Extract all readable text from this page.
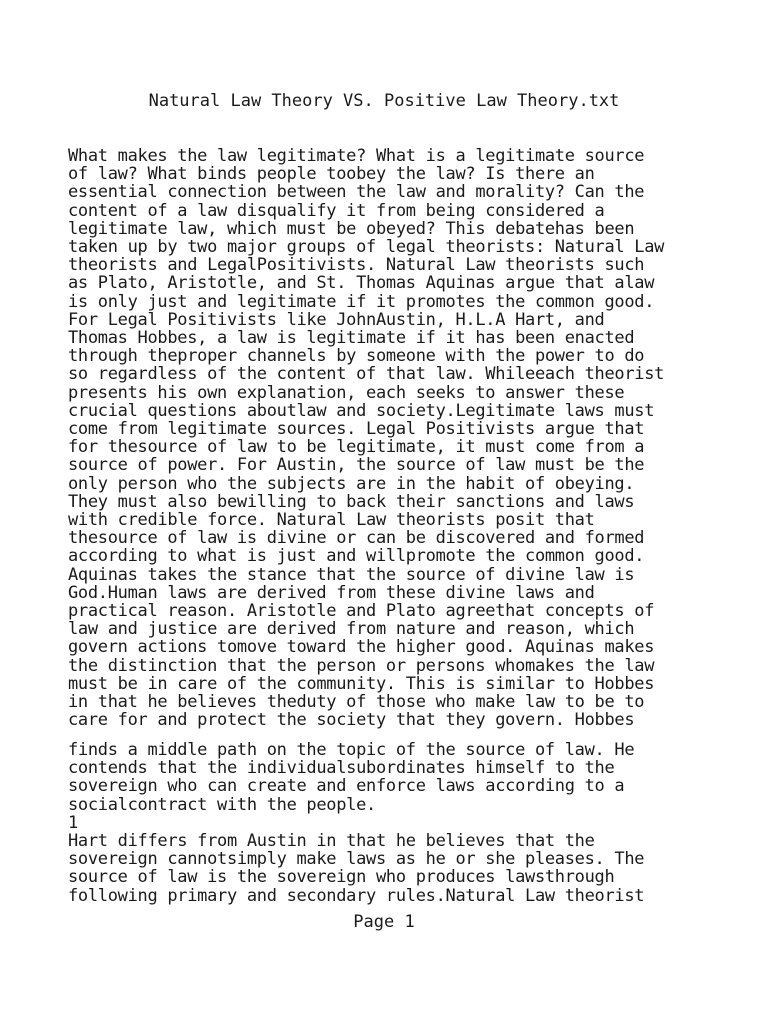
Natural Law Theory VS. Positive Law Theory.txt
What makes the law legitimate? What is a legitimate source
of law? What binds people toobey the law? Is there an
essential connection between the law and morality? Can the
content of a law disqualify it from being considered a
legitimate law, which must be obeyed? This debatehas been
taken up by two major groups of legal theorists: Natural Law
theorists and LegalPositivists. Natural Law theorists such
as Plato, Aristotle, and St. Thomas Aquinas argue that alaw
is only just and legitimate if it promotes the common good.
For Legal Positivists like JohnAustin, H.L.A Hart, and
Thomas Hobbes, a law is legitimate if it has been enacted
through theproper channels by someone with the power to do
so regardless of the content of that law. Whileeach theorist
presents his own explanation, each seeks to answer these
crucial questions aboutlaw and society.Legitimate laws must
come from legitimate sources. Legal Positivists argue that
for thesource of law to be legitimate, it must come from a
source of power. For Austin, the source of law must be the
only person who the subjects are in the habit of obeying.
They must also bewilling to back their sanctions and laws
with credible force. Natural Law theorists posit that
thesource of law is divine or can be discovered and formed
according to what is just and willpromote the common good.
Aquinas takes the stance that the source of divine law is
God.Human laws are derived from these divine laws and
practical reason. Aristotle and Plato agreethat concepts of
law and justice are derived from nature and reason, which
govern actions tomove toward the higher good. Aquinas makes
the distinction that the person or persons whomakes the law
must be in care of the community. This is similar to Hobbes
in that he believes theduty of those who make law to be to
care for and protect the society that they govern. Hobbes
finds a middle path on the topic of the source of law. He
contends that the individualsubordinates himself to the
sovereign who can create and enforce laws according to a
socialcontract with the people.
1
Hart differs from Austin in that he believes that the
sovereign cannotsimply make laws as he or she pleases. The
source of law is the sovereign who produces lawsthrough
following primary and secondary rules.Natural Law theorist
Page 1
